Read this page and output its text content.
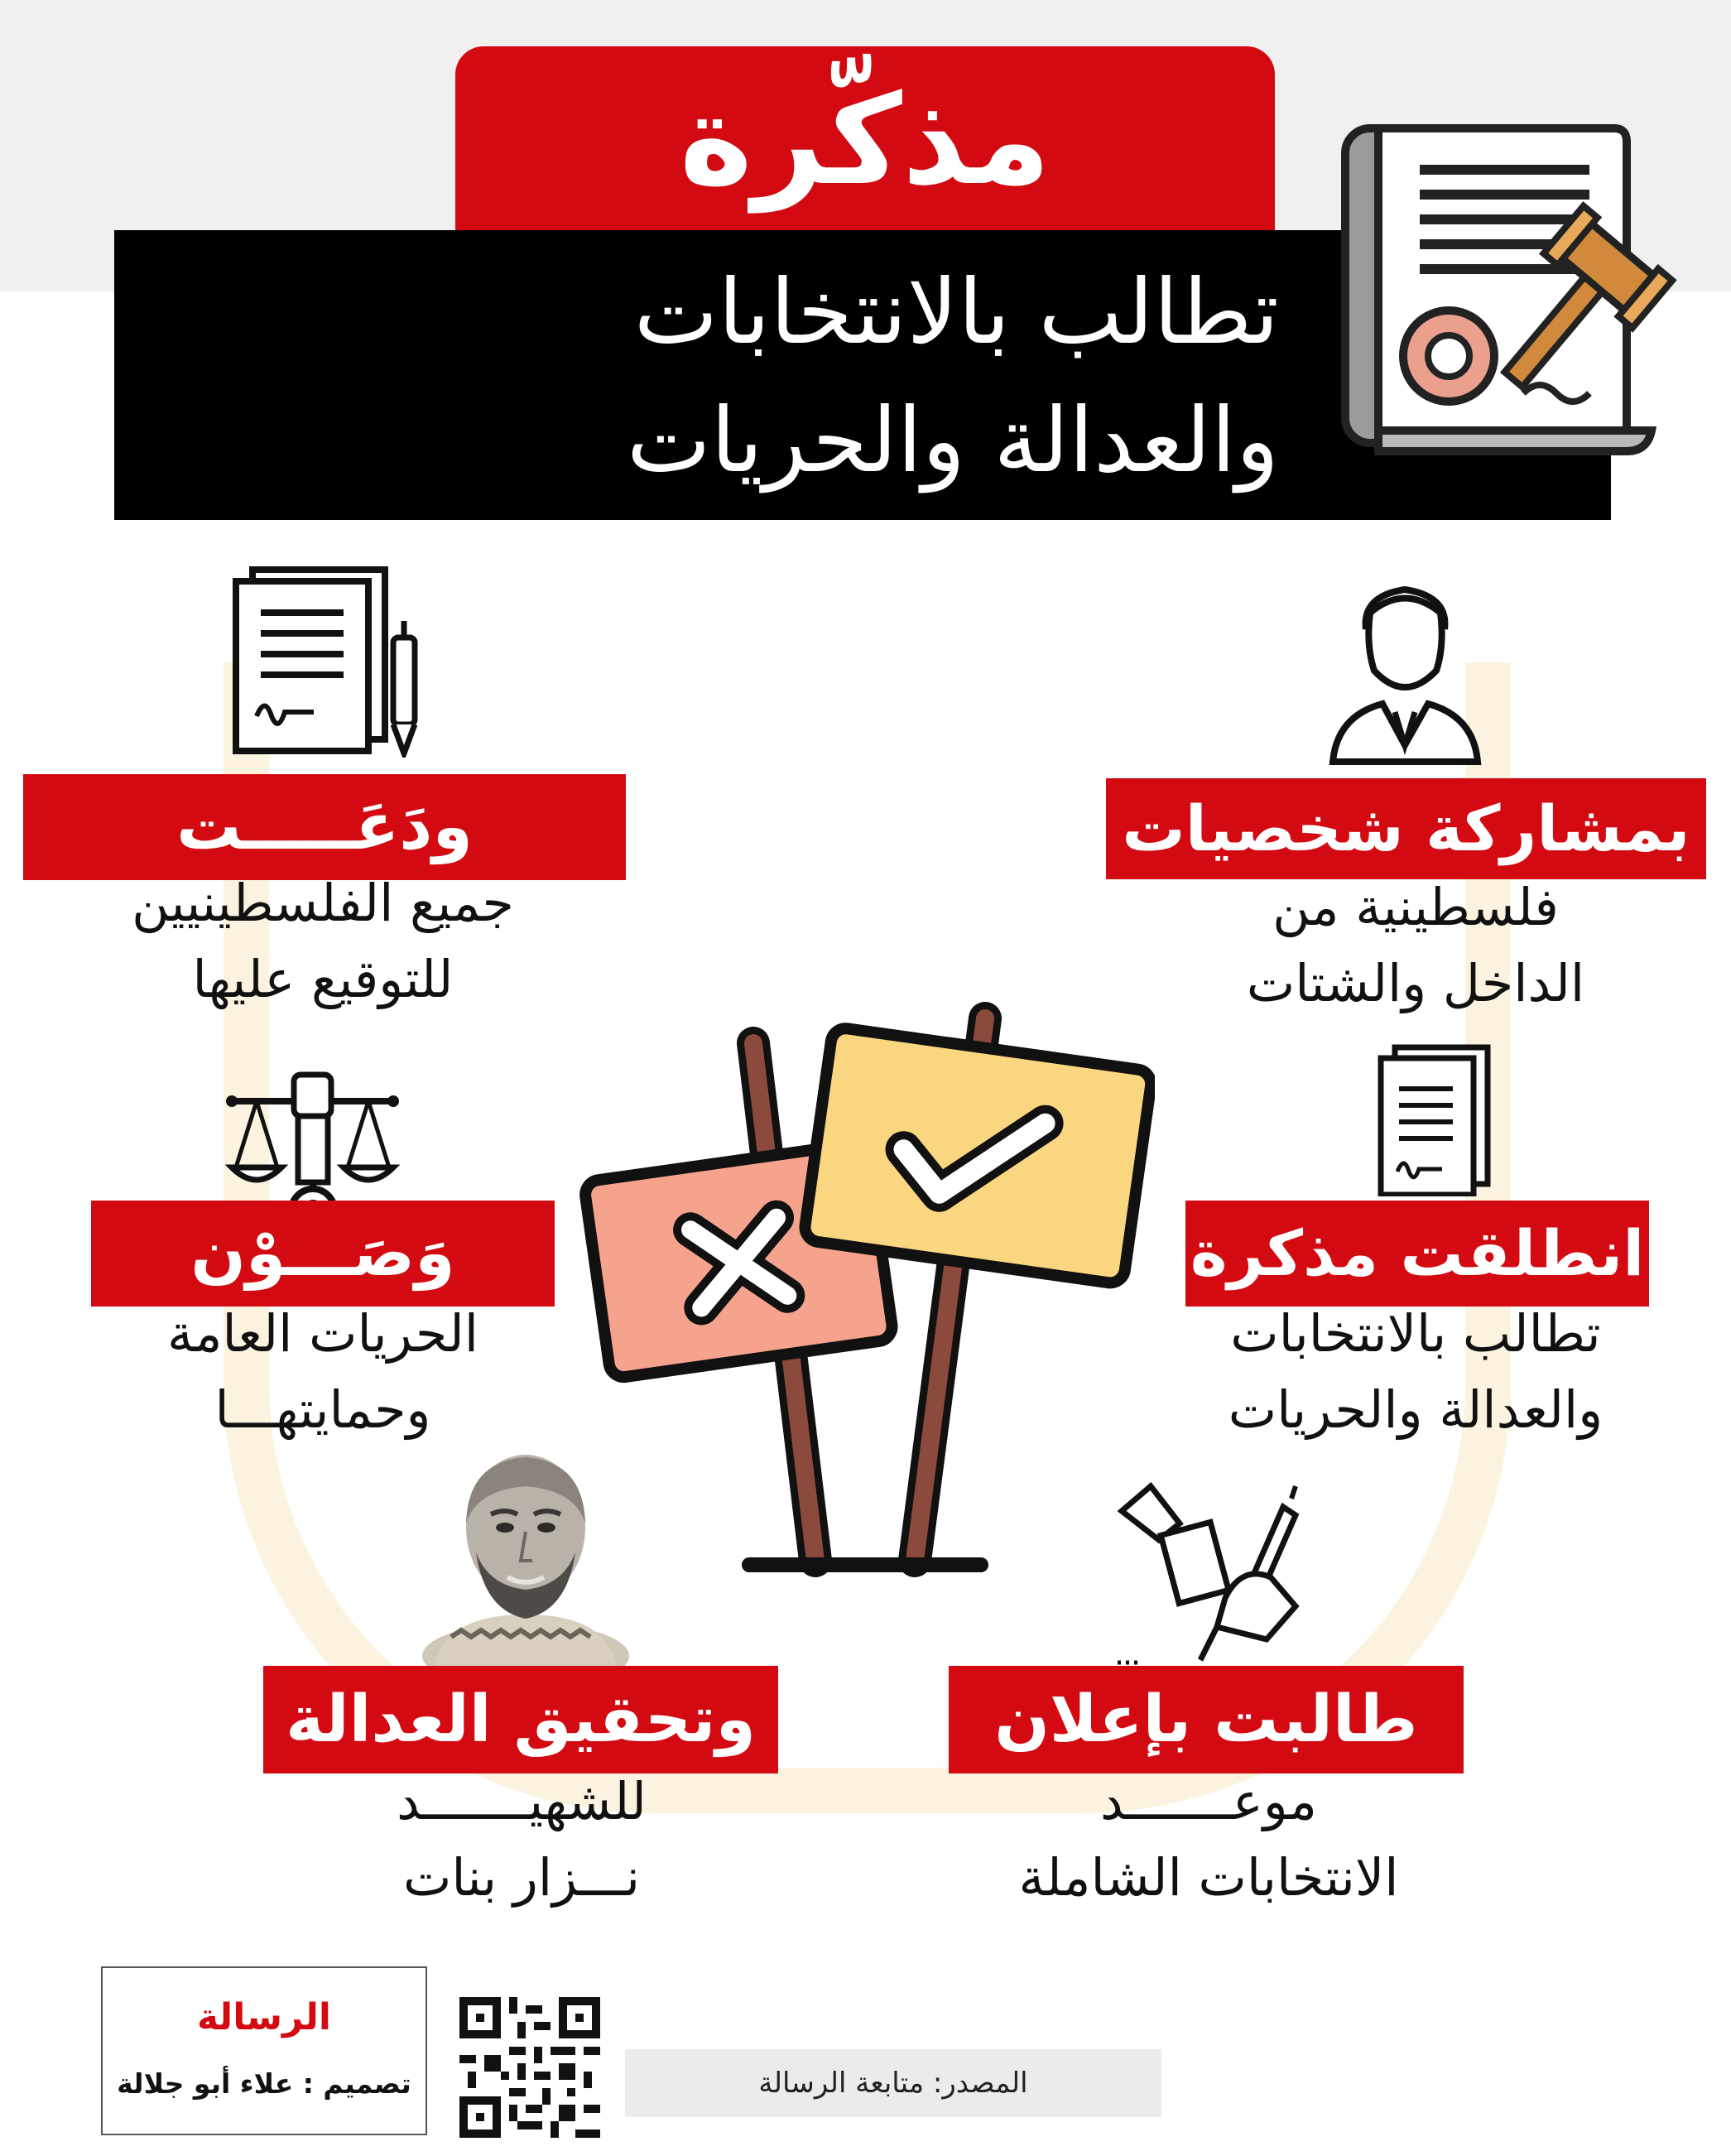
مذكّرة
تطالب بالانتخابات
والعدالة والحريات
بمشاركة شخصيات
فلسطينية من
الداخل والشتات
ودَعَـــــت
جميع الفلسطينيين
للتوقيع عليها
انطلقت مذكرة
تطالب بالانتخابات
والعدالة والحريات
وَصَـــوْن
الحريات العامة
وحمايتهـــا
طالبت بإعلان
موعـــــــد
الانتخابات الشاملة
وتحقيق العدالة
للشهيـــــــد
نـــزار بنات
الرسالة
تصميم : علاء أبو جلالة	المصدر: متابعة الرسالة
